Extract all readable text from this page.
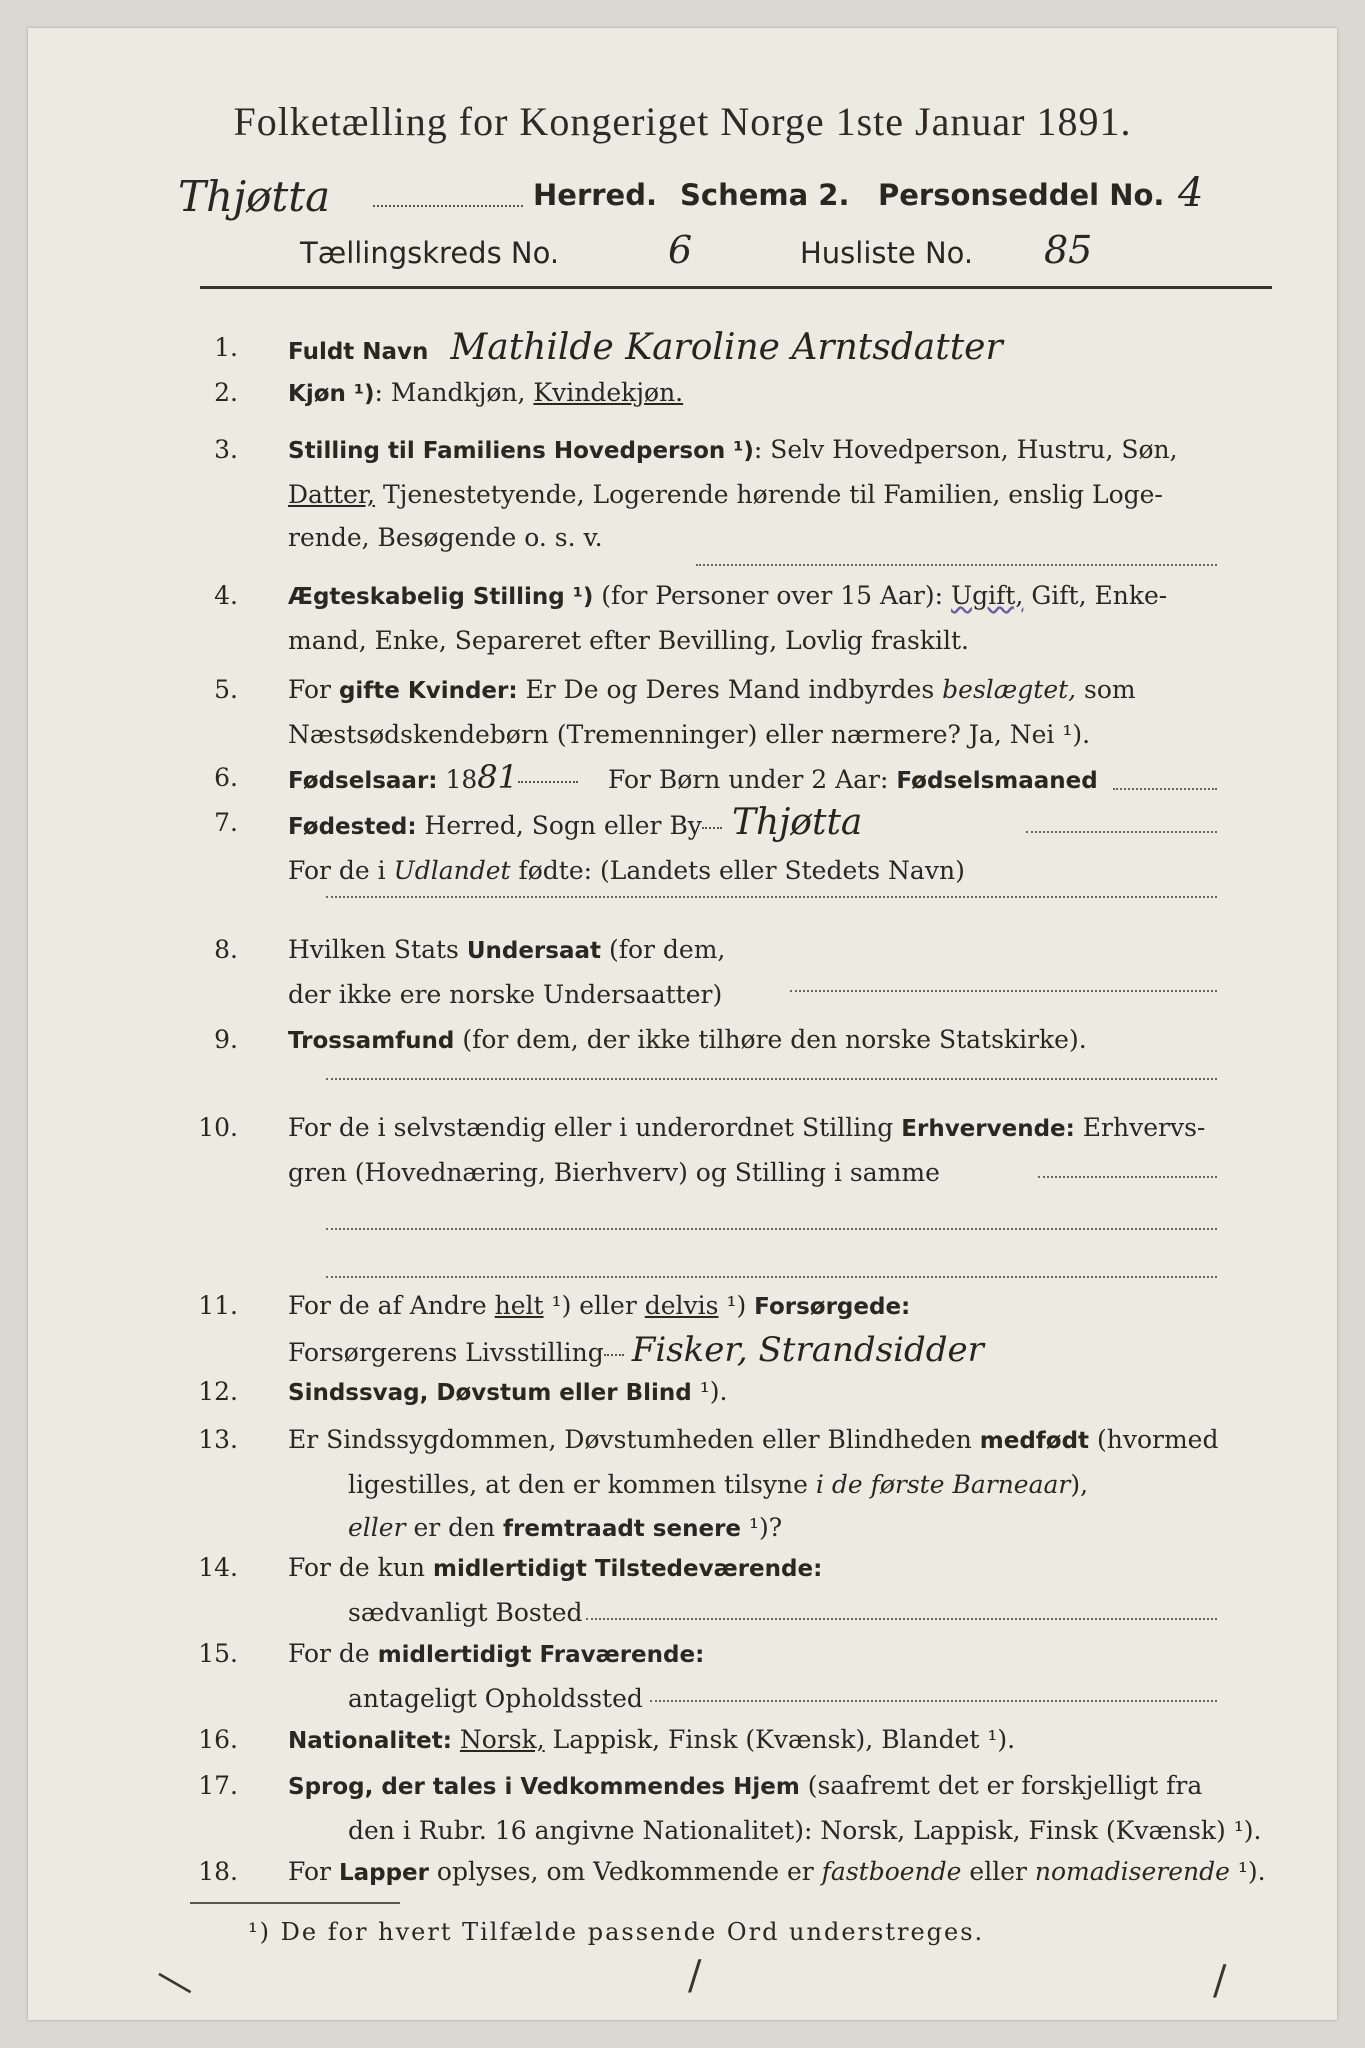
Folketælling for Kongeriget Norge 1ste Januar 1891.
Thjøtta	Herred. Schema 2. Personseddel No. 4
Tællingskreds No.	6	Husliste No. 85
1. Fuldt Navn Mathilde Karoline Arntsdatter
2. Kjøn ¹): Mandkjøn, Kvindekjøn.
3. Stilling til Familiens Hovedperson ¹): Selv Hovedperson, Hustru, Søn,
Datter, Tjenestetyende, Logerende hørende til Familien, enslig Loge-
rende, Besøgende o. s. v.
4. Ægteskabelig Stilling ¹) (for Personer over 15 Aar): Ugift, Gift, Enke-
mand, Enke, Separeret efter Bevilling, Lovlig fraskilt.
5. For gifte Kvinder: Er De og Deres Mand indbyrdes beslægtet, som
Næstsødskendebørn (Tremenninger) eller nærmere? Ja, Nei ¹).
6. Fødselsaar: 1881	For Børn under 2 Aar: Fødselsmaaned
7. Fødested: Herred, Sogn eller By Thjøtta
For de i Udlandet fødte: (Landets eller Stedets Navn)
8. Hvilken Stats Undersaat (for dem,
der ikke ere norske Undersaatter)
9. Trossamfund (for dem, der ikke tilhøre den norske Statskirke).
10. For de i selvstændig eller i underordnet Stilling Erhvervende: Erhvervs-
gren (Hovednæring, Bierhverv) og Stilling i samme
11. For de af Andre helt ¹) eller delvis ¹) Forsørgede:
Forsørgerens Livsstilling Fisker, Strandsidder
12. Sindssvag, Døvstum eller Blind ¹).
13. Er Sindssygdommen, Døvstumheden eller Blindheden medfødt (hvormed
ligestilles, at den er kommen tilsyne i de første Barneaar),
eller er den fremtraadt senere ¹)?
14. For de kun midlertidigt Tilstedeværende:
sædvanligt Bosted
15. For de midlertidigt Fraværende:
antageligt Opholdssted
16. Nationalitet: Norsk, Lappisk, Finsk (Kvænsk), Blandet ¹).
17. Sprog, der tales i Vedkommendes Hjem (saafremt det er forskjelligt fra
den i Rubr. 16 angivne Nationalitet): Norsk, Lappisk, Finsk (Kvænsk) ¹).
18. For Lapper oplyses, om Vedkommende er fastboende eller nomadiserende ¹).
¹) De for hvert Tilfælde passende Ord understreges.
—	/	/
